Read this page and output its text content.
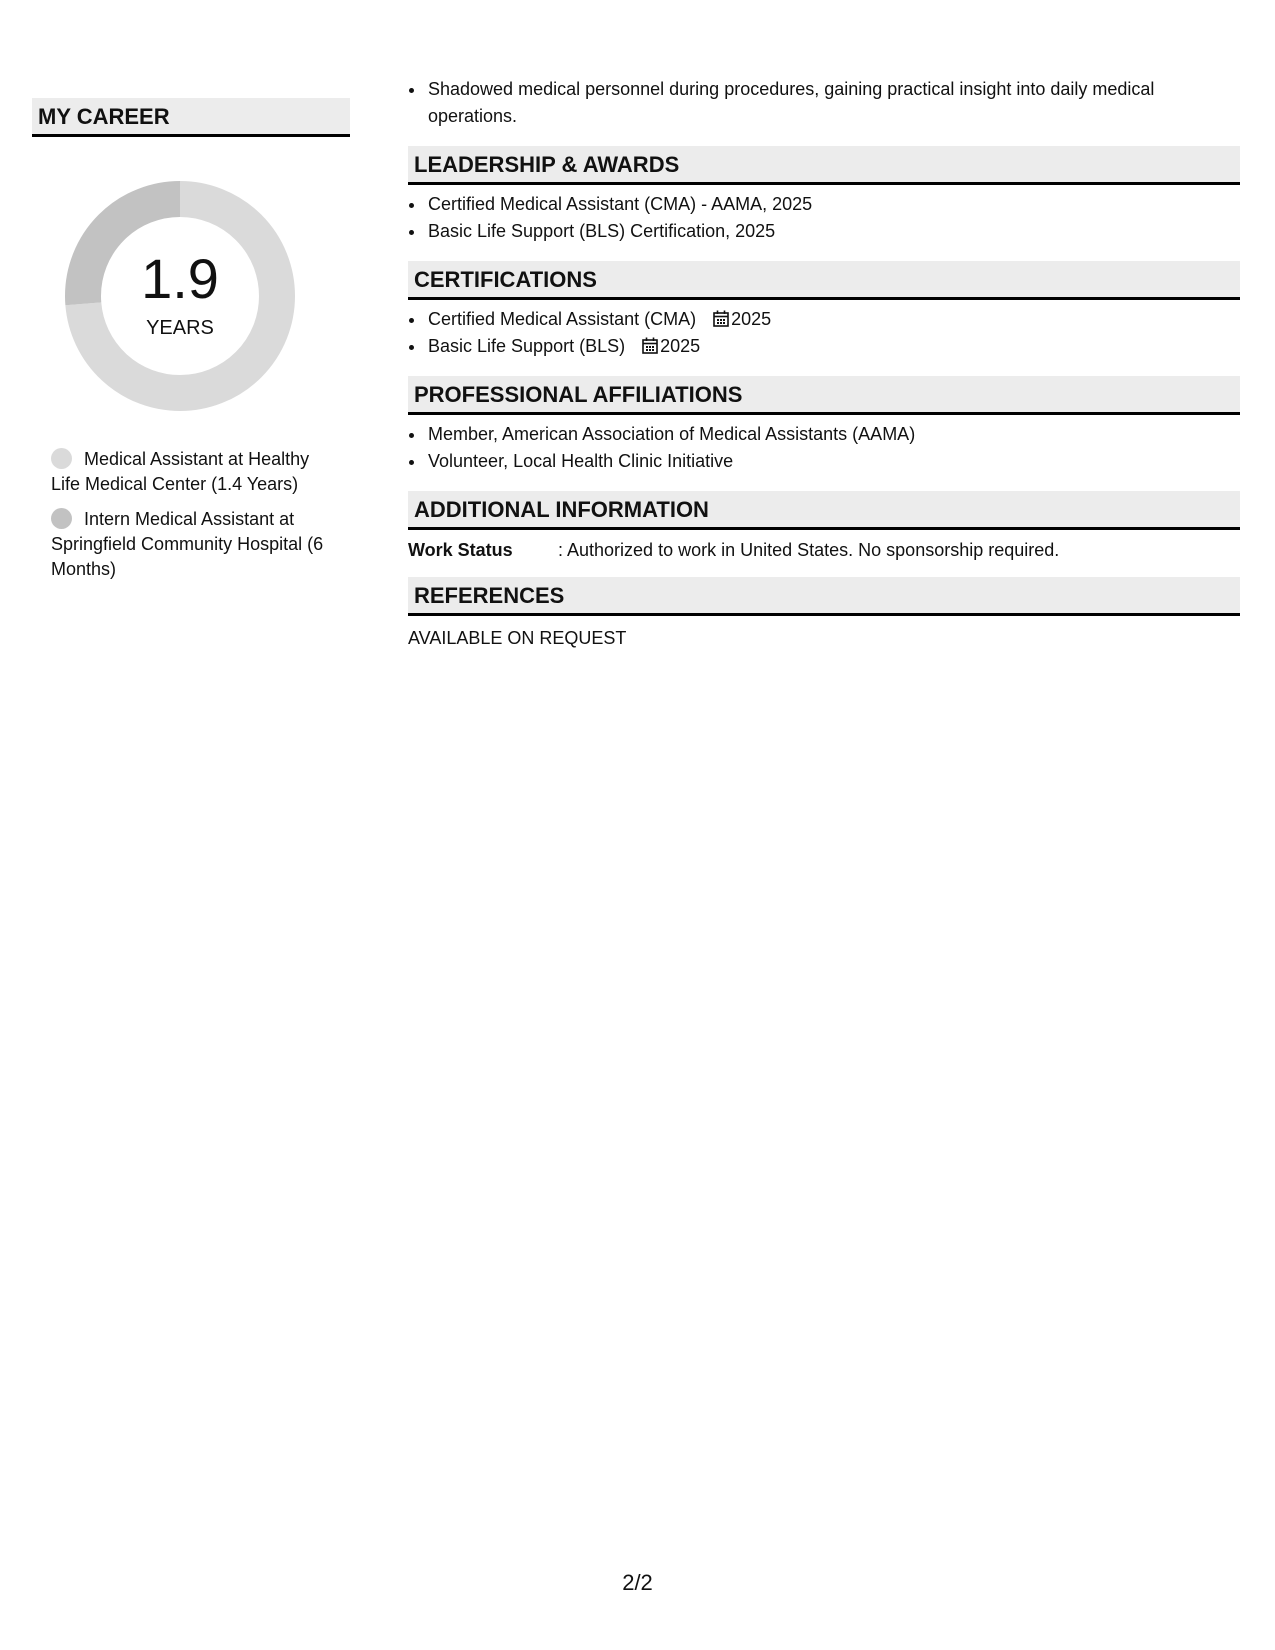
MY CAREER
1.9
YEARS
Medical Assistant at Healthy Life Medical Center (1.4 Years)
Intern Medical Assistant at Springfield Community Hospital (6 Months)
• Shadowed medical personnel during procedures, gaining practical insight into daily medical operations.
LEADERSHIP & AWARDS
• Certified Medical Assistant (CMA) - AAMA, 2025
• Basic Life Support (BLS) Certification, 2025
CERTIFICATIONS
• Certified Medical Assistant (CMA) 2025
• Basic Life Support (BLS) 2025
PROFESSIONAL AFFILIATIONS
• Member, American Association of Medical Assistants (AAMA)
• Volunteer, Local Health Clinic Initiative
ADDITIONAL INFORMATION
Work Status	: Authorized to work in United States. No sponsorship required.
REFERENCES
AVAILABLE ON REQUEST
2/2
